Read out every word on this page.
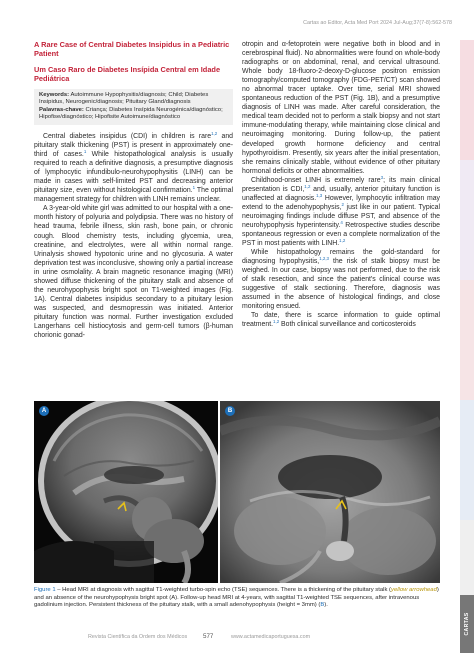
Cartas ao Editor, Acta Med Port 2024 Jul-Aug;37(7-8):562-578
CARTAS
A Rare Case of Central Diabetes Insipidus in a Pediatric Patient
Um Caso Raro de Diabetes Insípida Central em Idade Pediátrica
Keywords: Autoimmune Hypophysitis/diagnosis; Child; Diabetes Insipidus, Neurogenic/diagnosis; Pituitary Gland/diagnosis
Palavras-chave: Criança; Diabetes Insípida Neurogénica/diagnóstico; Hipofise/diagnóstico; Hipofisite Autoimune/diagnóstico

Central diabetes insipidus (CDI) in children is rare$^{1,2}$ and pituitary stalk thickening (PST) is present in approximately one-third of cases.$^1$ While histopathological analysis is usually required to reach a definitive diagnosis, a presumptive diagnosis of lymphocytic infundibulo-neurohypophysitis (LINH) can be made in cases with self-limited PST and decreasing anterior pituitary size, even without histological confirmation.$^1$ The optimal management strategy for children with LINH remains unclear.

A 3-year-old white girl was admitted to our hospital with a one-month history of polyuria and polydipsia. There was no history of head trauma, febrile illness, skin rash, bone pain, or chronic cough. Blood chemistry tests, including glycemia, urea, creatinine, and electrolytes, were all within normal range. Urinalysis showed hypotonic urine and no glycosuria. A water deprivation test was inconclusive, showing only a partial increase in urine osmolality. A brain magnetic resonance imaging (MRI) showed diffuse thickening of the pituitary stalk and absence of the neurohypophysis bright spot on T1-weighted images (Fig. 1A). Central diabetes insipidus secondary to a pituitary lesion was suspected, and desmopressin was initiated. Anterior pituitary function was normal. Further investigation excluded Langerhans cell histiocytosis and germ-cell tumors (β-human chorionic gonad-

otropin and α-fetoprotein were negative both in blood and in cerebrospinal fluid). No abnormalities were found on whole-body radiographs or on abdominal, renal, and cervical ultrasound. Whole body 18-fluoro-2-deoxy-D-glucose positron emission tomography/computed tomography (FDG-PET/CT) scan showed no abnormal tracer uptake. Over time, serial MRI showed spontaneous reduction of the PST (Fig. 1B), and a presumptive diagnosis of LINH was made. After careful consideration, the medical team decided not to perform a stalk biopsy and not start immune-modulating therapy, while maintaining close clinical and neuroimaging monitoring. During follow-up, the patient developed growth hormone deficiency and central hypothyroidism. Presently, six years after the initial presentation, she remains clinically stable, without evidence of other pituitary hormonal deficits or other abnormalities.

Childhood-onset LINH is extremely rare$^3$; its main clinical presentation is CDI,$^{1,2}$ and, usually, anterior pituitary function is unaffected at diagnosis.$^{1,3}$ However, lymphocytic infiltration may extend to the adenohypophysis,$^2$ just like in our patient. Typical neuroimaging findings include diffuse PST, and absence of the neurohypophysis hyperintensity.$^4$ Retrospective studies describe spontaneous regression or even a complete normalization of the PST in most patients with LINH.$^{1,2}$

While histopathology remains the gold-standard for diagnosing hypophysitis,$^{1,2,3}$ the risk of stalk biopsy must be weighed. In our case, biopsy was not performed, due to the risk of stalk resection, and since the patient's clinical course was suggestive of stalk sectioning. Therefore, diagnosis was assumed in the absence of histological findings, and close monitoring ensued.

To date, there is scarce information to guide optimal treatment.$^{1,2}$ Both clinical surveillance and corticosteroids

A	B
Figure 1 – Head MRI at diagnosis with sagittal T1-weighted turbo-spin echo (TSE) sequences. There is a thickening of the pituitary stalk (yellow arrowhead) and an absence of the neurohypophysis bright spot (A). Follow-up head MRI at 4-years, with sagittal T1-weighted TSE sequences, after intravenous gadolinium injection. Persistent thickness of the pituitary stalk, with a small adenohypophysis (height = 3mm) (B).
Revista Científica da Ordem dos Médicos	577	www.actamedicaportuguesa.com
